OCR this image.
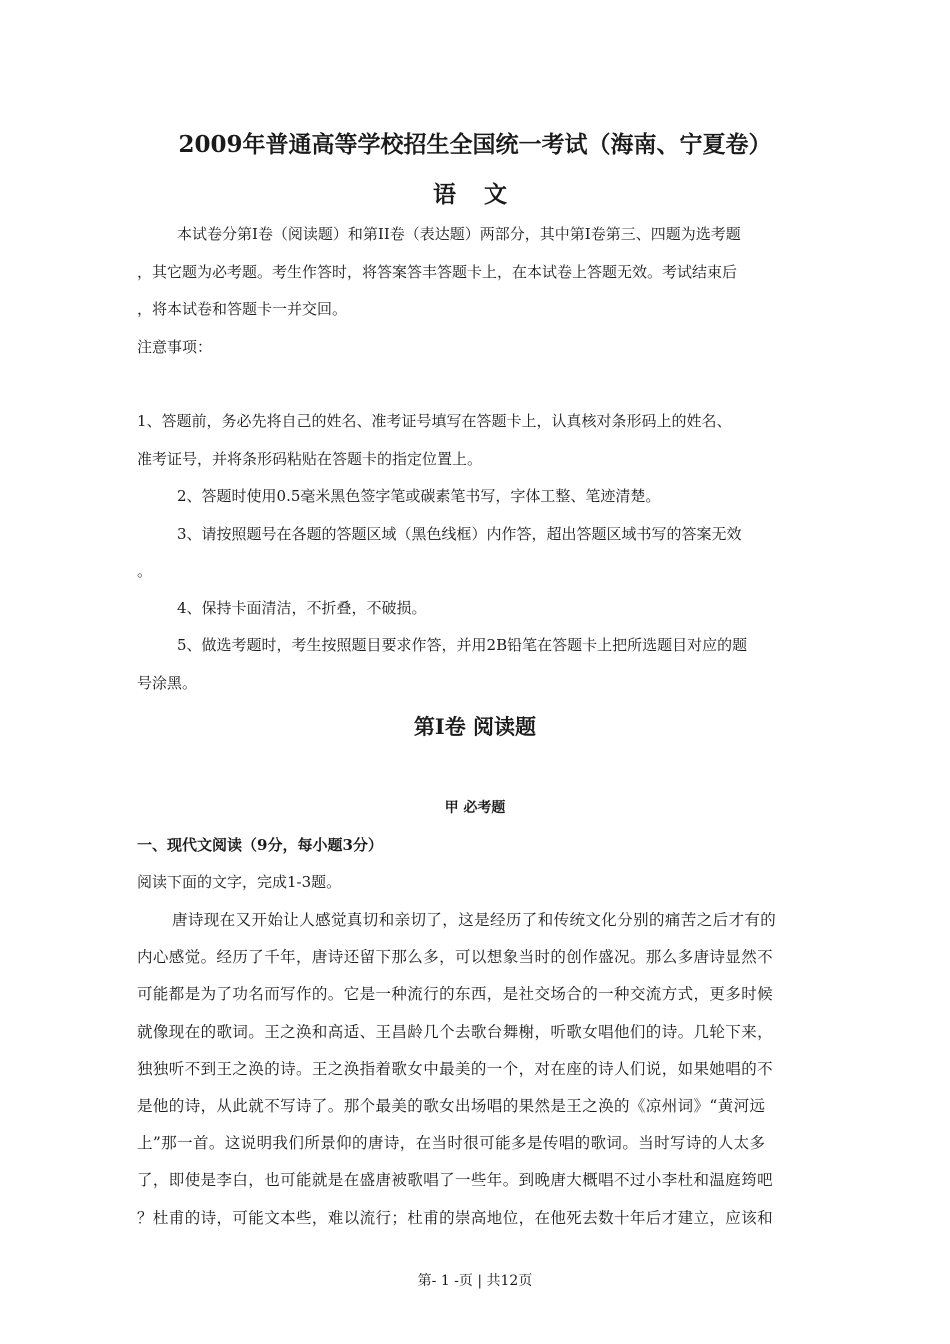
2009年普通高等学校招生全国统一考试（海南、宁夏卷）
语 文
本试卷分第I卷（阅读题）和第II卷（表达题）两部分，其中第I卷第三、四题为选考题
，其它题为必考题。考生作答时，将答案答丰答题卡上，在本试卷上答题无效。考试结束后
，将本试卷和答题卡一并交回。
注意事项：
1、答题前，务必先将自己的姓名、准考证号填写在答题卡上，认真核对条形码上的姓名、
准考证号，并将条形码粘贴在答题卡的指定位置上。
2、答题时使用0.5毫米黑色签字笔或碳素笔书写，字体工整、笔迹清楚。
3、请按照题号在各题的答题区域（黑色线框）内作答，超出答题区域书写的答案无效
。
4、保持卡面清洁，不折叠，不破损。
5、做选考题时，考生按照题目要求作答，并用2B铅笔在答题卡上把所选题目对应的题
号涂黑。
第I卷 阅读题
甲 必考题
一、现代文阅读（9分，每小题3分）
阅读下面的文字，完成1-3题。
唐诗现在又开始让人感觉真切和亲切了，这是经历了和传统文化分别的痛苦之后才有的
内心感觉。经历了千年，唐诗还留下那么多，可以想象当时的创作盛况。那么多唐诗显然不
可能都是为了功名而写作的。它是一种流行的东西，是社交场合的一种交流方式，更多时候
就像现在的歌词。王之涣和高适、王昌龄几个去歌台舞榭，听歌女唱他们的诗。几轮下来，
独独听不到王之涣的诗。王之涣指着歌女中最美的一个，对在座的诗人们说，如果她唱的不
是他的诗，从此就不写诗了。那个最美的歌女出场唱的果然是王之涣的《凉州词》“黄河远
上”那一首。这说明我们所景仰的唐诗，在当时很可能多是传唱的歌词。当时写诗的人太多
了，即使是李白，也可能就是在盛唐被歌唱了一些年。到晚唐大概唱不过小李杜和温庭筠吧
？杜甫的诗，可能文本些，难以流行；杜甫的崇高地位，在他死去数十年后才建立，应该和
第- 1 -页 | 共12页
